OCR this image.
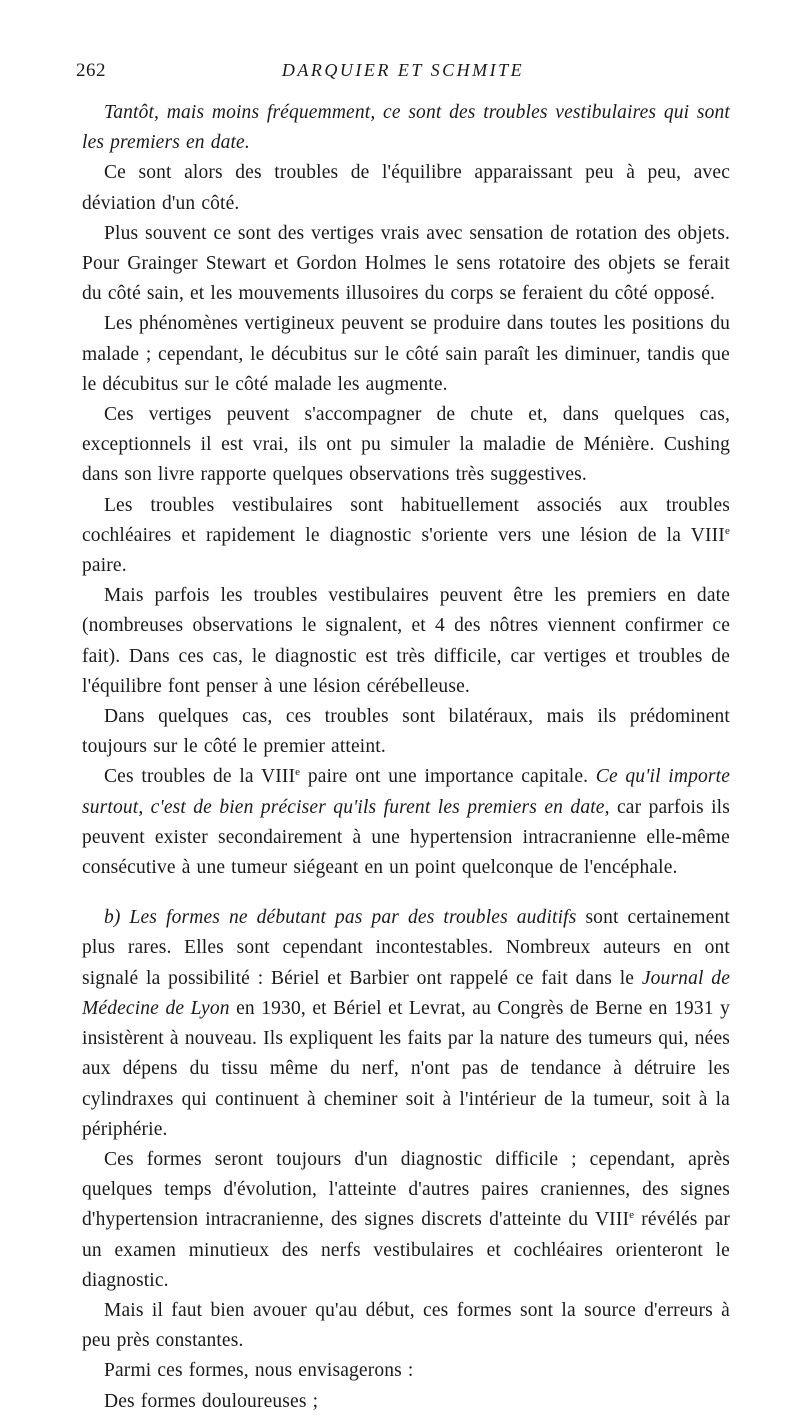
262	DARQUIER ET SCHMITE

Tantôt, mais moins fréquemment, ce sont des troubles vestibulaires qui sont les premiers en date.

Ce sont alors des troubles de l'équilibre apparaissant peu à peu, avec déviation d'un côté.

Plus souvent ce sont des vertiges vrais avec sensation de rotation des objets. Pour Grainger Stewart et Gordon Holmes le sens rotatoire des objets se ferait du côté sain, et les mouvements illusoires du corps se feraient du côté opposé.

Les phénomènes vertigineux peuvent se produire dans toutes les positions du malade ; cependant, le décubitus sur le côté sain paraît les diminuer, tandis que le décubitus sur le côté malade les augmente.

Ces vertiges peuvent s'accompagner de chute et, dans quelques cas, exceptionnels il est vrai, ils ont pu simuler la maladie de Ménière. Cushing dans son livre rapporte quelques observations très suggestives.

Les troubles vestibulaires sont habituellement associés aux troubles cochléaires et rapidement le diagnostic s'oriente vers une lésion de la VIIIe paire.

Mais parfois les troubles vestibulaires peuvent être les premiers en date (nombreuses observations le signalent, et 4 des nôtres viennent confirmer ce fait). Dans ces cas, le diagnostic est très difficile, car vertiges et troubles de l'équilibre font penser à une lésion cérébelleuse.

Dans quelques cas, ces troubles sont bilatéraux, mais ils prédominent toujours sur le côté le premier atteint.

Ces troubles de la VIIIe paire ont une importance capitale. Ce qu'il importe surtout, c'est de bien préciser qu'ils furent les premiers en date, car parfois ils peuvent exister secondairement à une hypertension intracranienne elle-même consécutive à une tumeur siégeant en un point quelconque de l'encéphale.

b) Les formes ne débutant pas par des troubles auditifs sont certainement plus rares. Elles sont cependant incontestables. Nombreux auteurs en ont signalé la possibilité : Bériel et Barbier ont rappelé ce fait dans le Journal de Médecine de Lyon en 1930, et Bériel et Levrat, au Congrès de Berne en 1931 y insistèrent à nouveau. Ils expliquent les faits par la nature des tumeurs qui, nées aux dépens du tissu même du nerf, n'ont pas de tendance à détruire les cylindraxes qui continuent à cheminer soit à l'intérieur de la tumeur, soit à la périphérie.

Ces formes seront toujours d'un diagnostic difficile ; cependant, après quelques temps d'évolution, l'atteinte d'autres paires craniennes, des signes d'hypertension intracranienne, des signes discrets d'atteinte du VIIIe révélés par un examen minutieux des nerfs vestibulaires et cochléaires orienteront le diagnostic.

Mais il faut bien avouer qu'au début, ces formes sont la source d'erreurs à peu près constantes.

Parmi ces formes, nous envisagerons :

Des formes douloureuses ;
